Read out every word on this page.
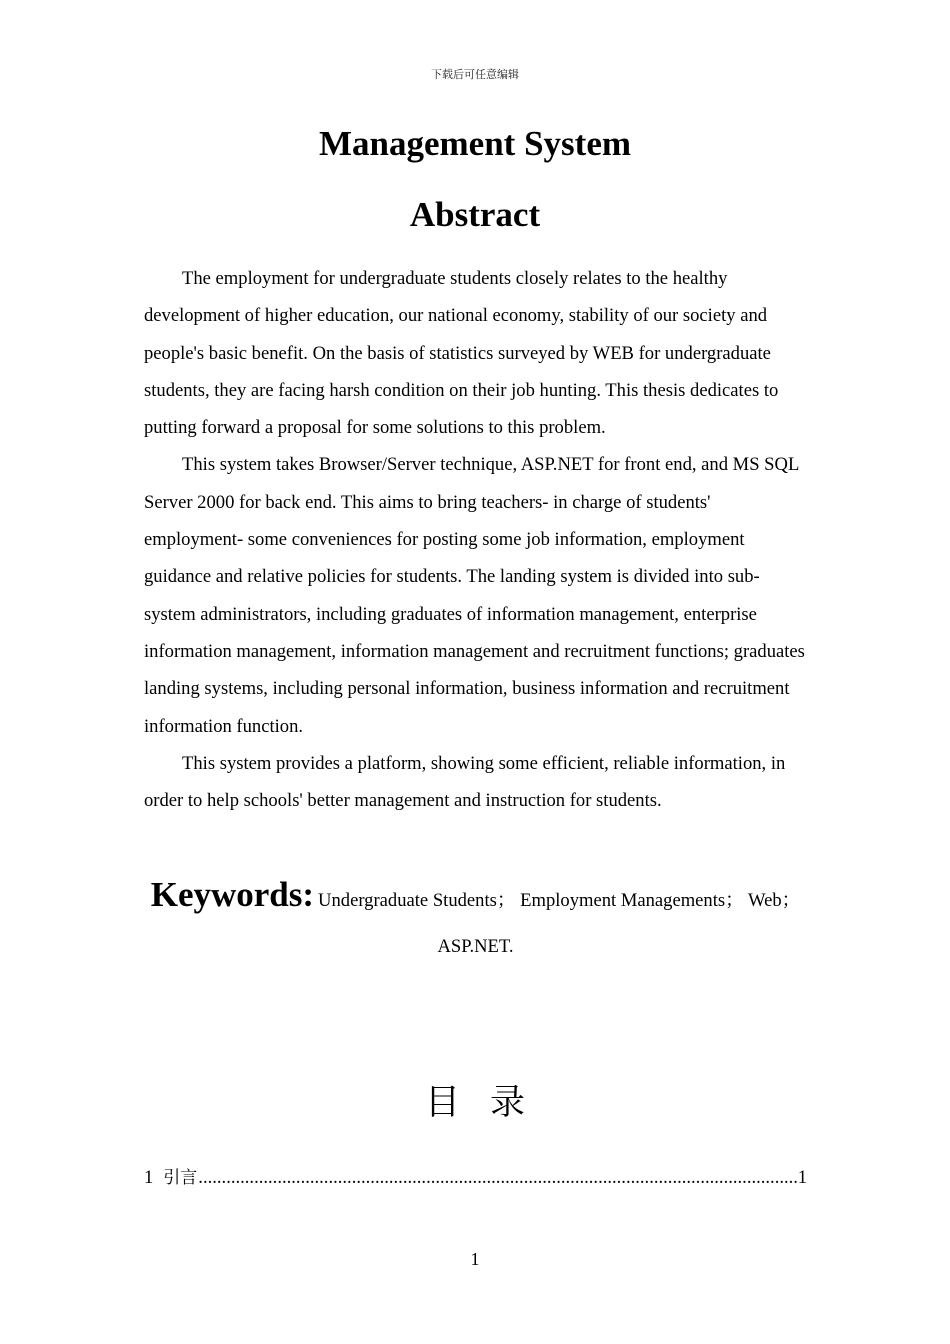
下载后可任意编辑
Management System
Abstract

The employment for undergraduate students closely relates to the healthy development of higher education, our national economy, stability of our society and people's basic benefit. On the basis of statistics surveyed by WEB for undergraduate students, they are facing harsh condition on their job hunting. This thesis dedicates to putting forward a proposal for some solutions to this problem.

This system takes Browser/Server technique, ASP.NET for front end, and MS SQL Server 2000 for back end. This aims to bring teachers- in charge of students' employment- some conveniences for posting some job information, employment guidance and relative policies for students. The landing system is divided into sub-system administrators, including graduates of information management, enterprise information management, information management and recruitment functions; graduates landing systems, including personal information, business information and recruitment information function.

This system provides a platform, showing some efficient, reliable information, in order to help schools' better management and instruction for students.

Keywords: Undergraduate Students； Employment Managements； Web； ASP.NET.
目录
1 引言
.....	1
1
